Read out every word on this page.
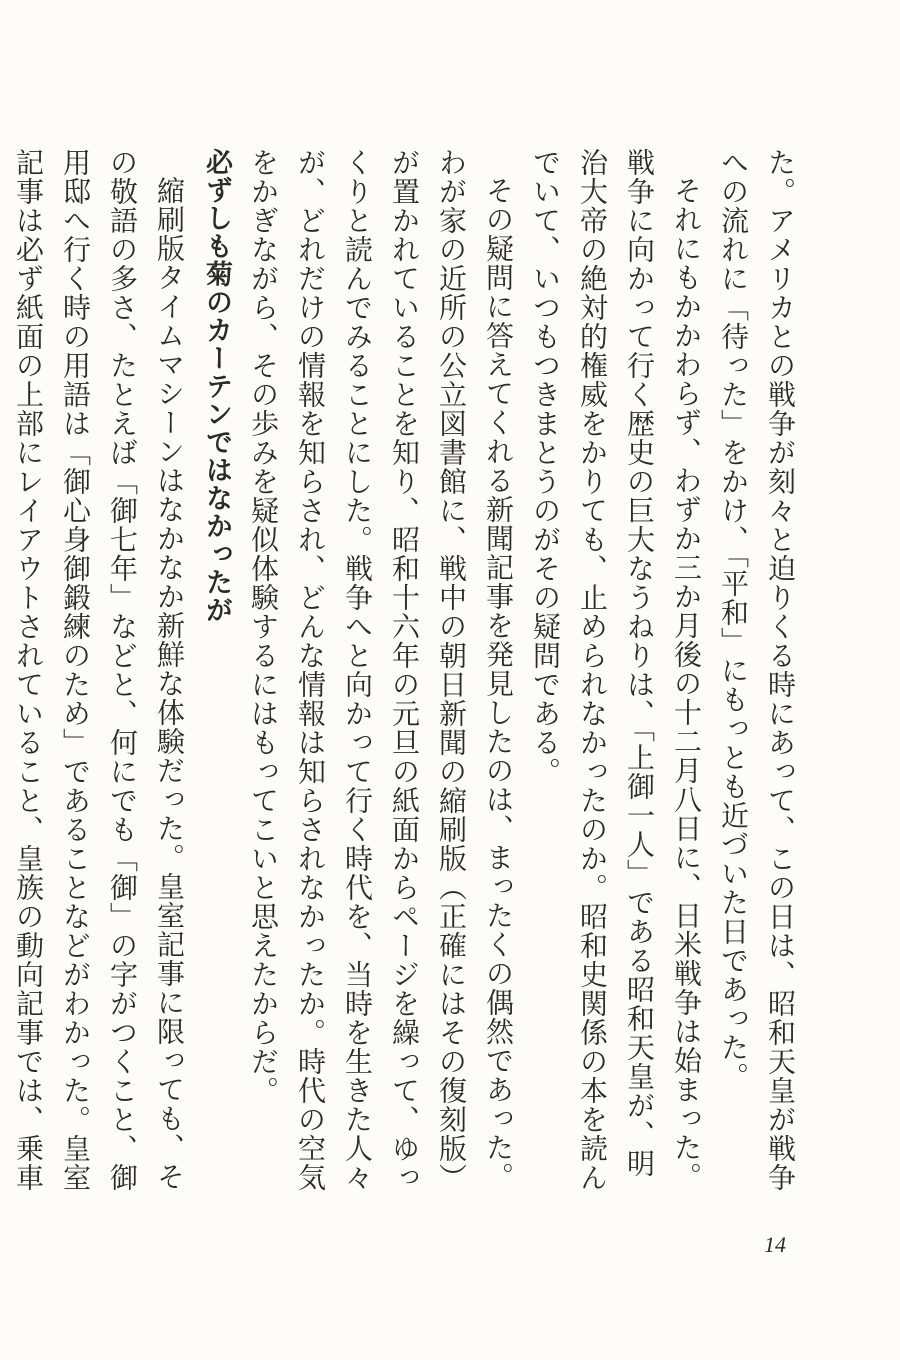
た。アメリカとの戦争が刻々と迫りくる時にあって、この日は、昭和天皇が戦争への流れに「待った」をかけ、「平和」にもっとも近づいた日であった。

それにもかかわらず、わずか三か月後の十二月八日に、日米戦争は始まった。戦争に向かって行く歴史の巨大なうねりは、「上御一人」である昭和天皇が、明治大帝の絶対的権威をかりても、止められなかったのか。昭和史関係の本を読んでいて、いつもつきまとうのがその疑問である。

その疑問に答えてくれる新聞記事を発見したのは、まったくの偶然であった。わが家の近所の公立図書館に、戦中の朝日新聞の縮刷版（正確にはその復刻版）が置かれていることを知り、昭和十六年の元旦の紙面からページを繰って、ゆっくりと読んでみることにした。戦争へと向かって行く時代を、当時を生きた人々が、どれだけの情報を知らされ、どんな情報は知らされなかったか。時代の空気をかぎながら、その歩みを疑似体験するにはもってこいと思えたからだ。

必ずしも菊のカーテンではなかったが

縮刷版タイムマシーンはなかなか新鮮な体験だった。皇室記事に限っても、その敬語の多さ、たとえば「御七年」などと、何にでも「御」の字がつくこと、御用邸へ行く時の用語は「御心身御鍛練のため」であることなどがわかった。皇室記事は必ず紙面の上部にレイアウトされていること、皇族の動向記事では、乗車

14
